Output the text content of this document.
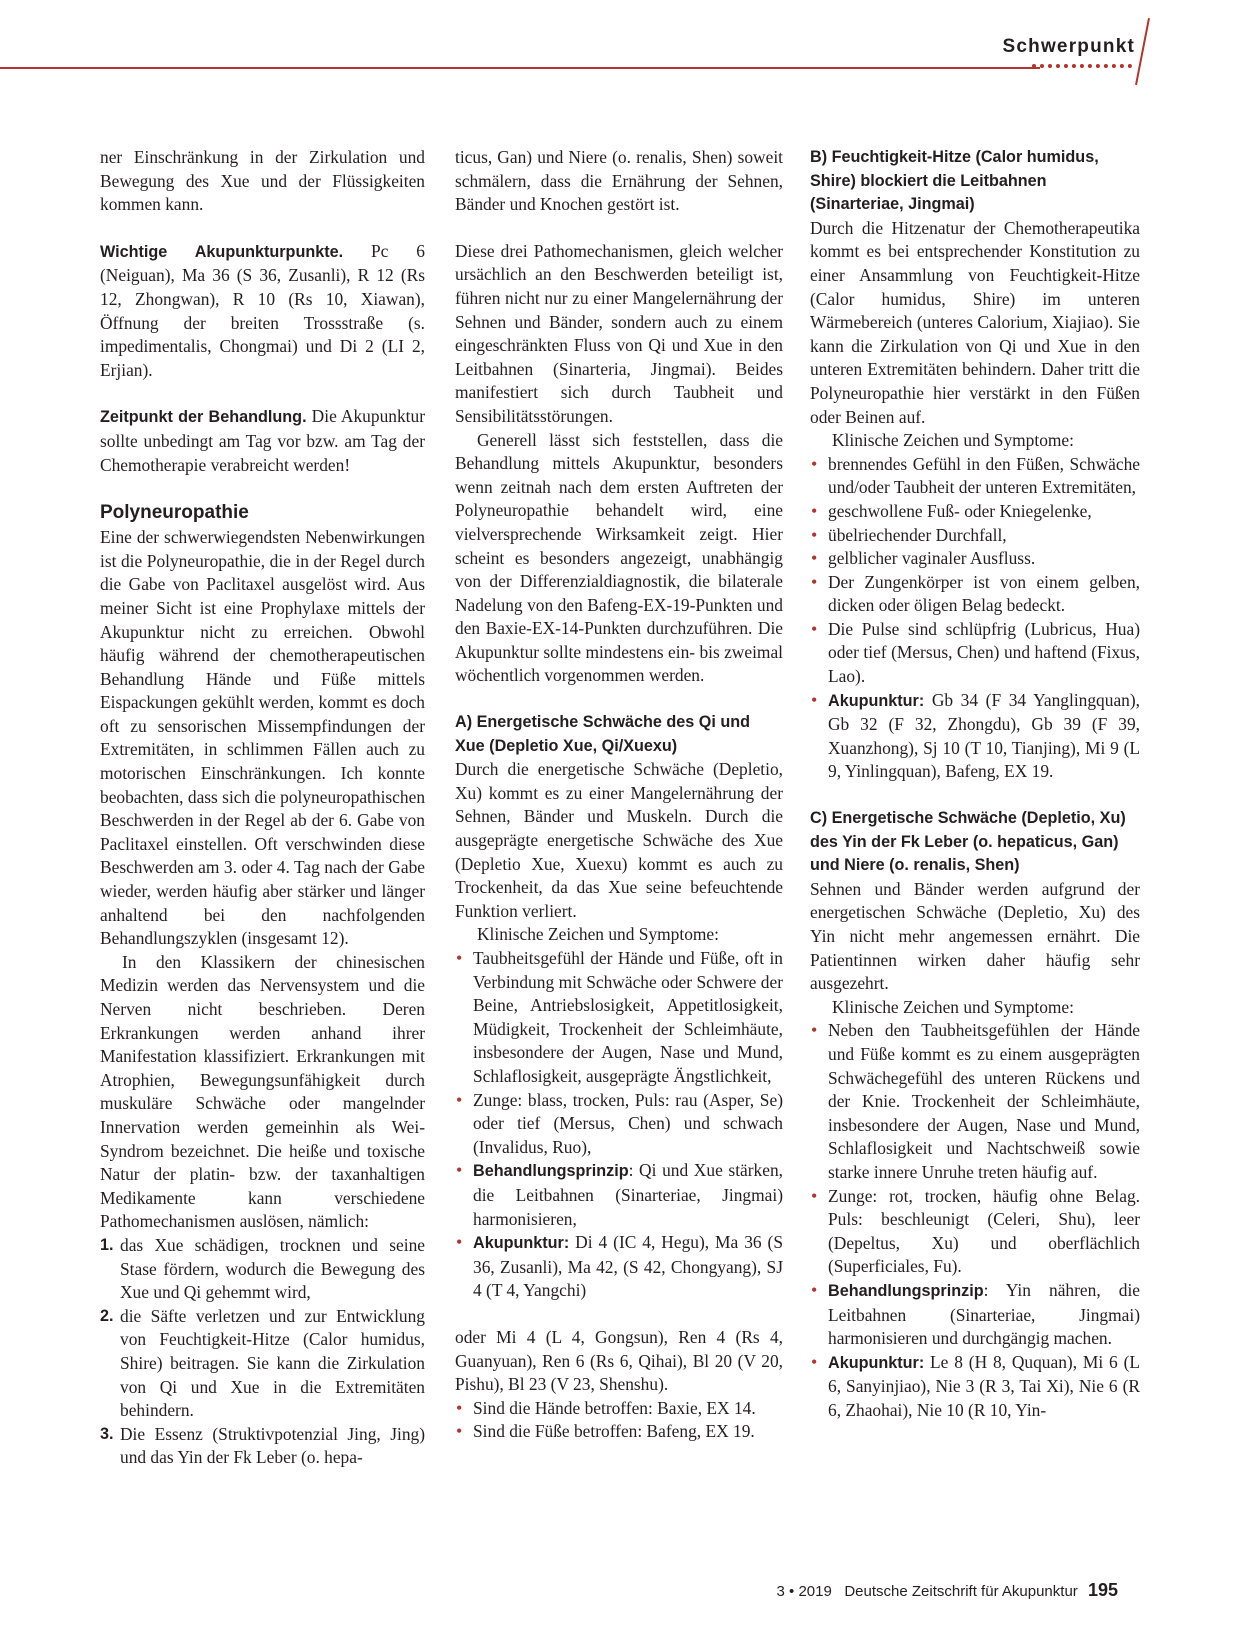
Schwerpunkt

ner Einschränkung in der Zirkulation und Bewegung des Xue und der Flüssigkeiten kommen kann.

Wichtige Akupunkturpunkte. Pc 6 (Neiguan), Ma 36 (S 36, Zusanli), R 12 (Rs 12, Zhongwan), R 10 (Rs 10, Xiawan), Öffnung der breiten Trossstraße (s. impedimentalis, Chongmai) und Di 2 (LI 2, Erjian).

Zeitpunkt der Behandlung. Die Akupunktur sollte unbedingt am Tag vor bzw. am Tag der Chemotherapie verabreicht werden!

Polyneuropathie

Eine der schwerwiegendsten Nebenwirkungen ist die Polyneuropathie, die in der Regel durch die Gabe von Paclitaxel ausgelöst wird. Aus meiner Sicht ist eine Prophylaxe mittels der Akupunktur nicht zu erreichen. Obwohl häufig während der chemotherapeutischen Behandlung Hände und Füße mittels Eispackungen gekühlt werden, kommt es doch oft zu sensorischen Missempfindungen der Extremitäten, in schlimmen Fällen auch zu motorischen Einschränkungen. Ich konnte beobachten, dass sich die polyneuropathischen Beschwerden in der Regel ab der 6. Gabe von Paclitaxel einstellen. Oft verschwinden diese Beschwerden am 3. oder 4. Tag nach der Gabe wieder, werden häufig aber stärker und länger anhaltend bei den nachfolgenden Behandlungszyklen (insgesamt 12).

In den Klassikern der chinesischen Medizin werden das Nervensystem und die Nerven nicht beschrieben. Deren Erkrankungen werden anhand ihrer Manifestation klassifiziert. Erkrankungen mit Atrophien, Bewegungsunfähigkeit durch muskuläre Schwäche oder mangelnder Innervation werden gemeinhin als Wei-Syndrom bezeichnet. Die heiße und toxische Natur der platin- bzw. der taxanhaltigen Medikamente kann verschiedene Pathomechanismen auslösen, nämlich:

1. das Xue schädigen, trocknen und seine Stase fördern, wodurch die Bewegung des Xue und Qi gehemmt wird,
2. die Säfte verletzen und zur Entwicklung von Feuchtigkeit-Hitze (Calor humidus, Shire) beitragen. Sie kann die Zirkulation von Qi und Xue in die Extremitäten behindern.
3. Die Essenz (Struktivpotenzial Jing, Jing) und das Yin der Fk Leber (o. hepa-

ticus, Gan) und Niere (o. renalis, Shen) soweit schmälern, dass die Ernährung der Sehnen, Bänder und Knochen gestört ist.

Diese drei Pathomechanismen, gleich welcher ursächlich an den Beschwerden beteiligt ist, führen nicht nur zu einer Mangelernährung der Sehnen und Bänder, sondern auch zu einem eingeschränkten Fluss von Qi und Xue in den Leitbahnen (Sinarteria, Jingmai). Beides manifestiert sich durch Taubheit und Sensibilitätsstörungen.

Generell lässt sich feststellen, dass die Behandlung mittels Akupunktur, besonders wenn zeitnah nach dem ersten Auftreten der Polyneuropathie behandelt wird, eine vielversprechende Wirksamkeit zeigt. Hier scheint es besonders angezeigt, unabhängig von der Differenzialdiagnostik, die bilaterale Nadelung von den Bafeng-EX-19-Punkten und den Baxie-EX-14-Punkten durchzuführen. Die Akupunktur sollte mindestens ein- bis zweimal wöchentlich vorgenommen werden.

A) Energetische Schwäche des Qi und Xue (Depletio Xue, Qi/Xuexu)

Durch die energetische Schwäche (Depletio, Xu) kommt es zu einer Mangelernährung der Sehnen, Bänder und Muskeln. Durch die ausgeprägte energetische Schwäche des Xue (Depletio Xue, Xuexu) kommt es auch zu Trockenheit, da das Xue seine befeuchtende Funktion verliert.

Klinische Zeichen und Symptome:

• Taubheitsgefühl der Hände und Füße, oft in Verbindung mit Schwäche oder Schwere der Beine, Antriebslosigkeit, Appetitlosigkeit, Müdigkeit, Trockenheit der Schleimhäute, insbesondere der Augen, Nase und Mund, Schlaflosigkeit, ausgeprägte Ängstlichkeit,
• Zunge: blass, trocken, Puls: rau (Asper, Se) oder tief (Mersus, Chen) und schwach (Invalidus, Ruo),
• Behandlungsprinzip: Qi und Xue stärken, die Leitbahnen (Sinarteriae, Jingmai) harmonisieren,
• Akupunktur: Di 4 (IC 4, Hegu), Ma 36 (S 36, Zusanli), Ma 42, (S 42, Chongyang), SJ 4 (T 4, Yangchi)

oder Mi 4 (L 4, Gongsun), Ren 4 (Rs 4, Guanyuan), Ren 6 (Rs 6, Qihai), Bl 20 (V 20, Pishu), Bl 23 (V 23, Shenshu).

• Sind die Hände betroffen: Baxie, EX 14.
• Sind die Füße betroffen: Bafeng, EX 19.
B) Feuchtigkeit-Hitze (Calor humidus, Shire) blockiert die Leitbahnen (Sinarteriae, Jingmai)

Durch die Hitzenatur der Chemotherapeutika kommt es bei entsprechender Konstitution zu einer Ansammlung von Feuchtigkeit-Hitze (Calor humidus, Shire) im unteren Wärmebereich (unteres Calorium, Xiajiao). Sie kann die Zirkulation von Qi und Xue in den unteren Extremitäten behindern. Daher tritt die Polyneuropathie hier verstärkt in den Füßen oder Beinen auf.

Klinische Zeichen und Symptome:

• brennendes Gefühl in den Füßen, Schwäche und/oder Taubheit der unteren Extremitäten,
• geschwollene Fuß- oder Kniegelenke,
• übelriechender Durchfall,
• gelblicher vaginaler Ausfluss.
• Der Zungenkörper ist von einem gelben, dicken oder öligen Belag bedeckt.
• Die Pulse sind schlüpfrig (Lubricus, Hua) oder tief (Mersus, Chen) und haftend (Fixus, Lao).
• Akupunktur: Gb 34 (F 34 Yanglingquan), Gb 32 (F 32, Zhongdu), Gb 39 (F 39, Xuanzhong), Sj 10 (T 10, Tianjing), Mi 9 (L 9, Yinlingquan), Bafeng, EX 19.
C) Energetische Schwäche (Depletio, Xu) des Yin der Fk Leber (o. hepaticus, Gan) und Niere (o. renalis, Shen)

Sehnen und Bänder werden aufgrund der energetischen Schwäche (Depletio, Xu) des Yin nicht mehr angemessen ernährt. Die Patientinnen wirken daher häufig sehr ausgezehrt.

Klinische Zeichen und Symptome:

• Neben den Taubheitsgefühlen der Hände und Füße kommt es zu einem ausgeprägten Schwächegefühl des unteren Rückens und der Knie. Trockenheit der Schleimhäute, insbesondere der Augen, Nase und Mund, Schlaflosigkeit und Nachtschweiß sowie starke innere Unruhe treten häufig auf.
• Zunge: rot, trocken, häufig ohne Belag. Puls: beschleunigt (Celeri, Shu), leer (Depeltus, Xu) und oberflächlich (Superficiales, Fu).
• Behandlungsprinzip: Yin nähren, die Leitbahnen (Sinarteriae, Jingmai) harmonisieren und durchgängig machen.
• Akupunktur: Le 8 (H 8, Ququan), Mi 6 (L 6, Sanyinjiao), Nie 3 (R 3, Tai Xi), Nie 6 (R 6, Zhaohai), Nie 10 (R 10, Yin-
3 • 2019 Deutsche Zeitschrift für Akupunktur 195
